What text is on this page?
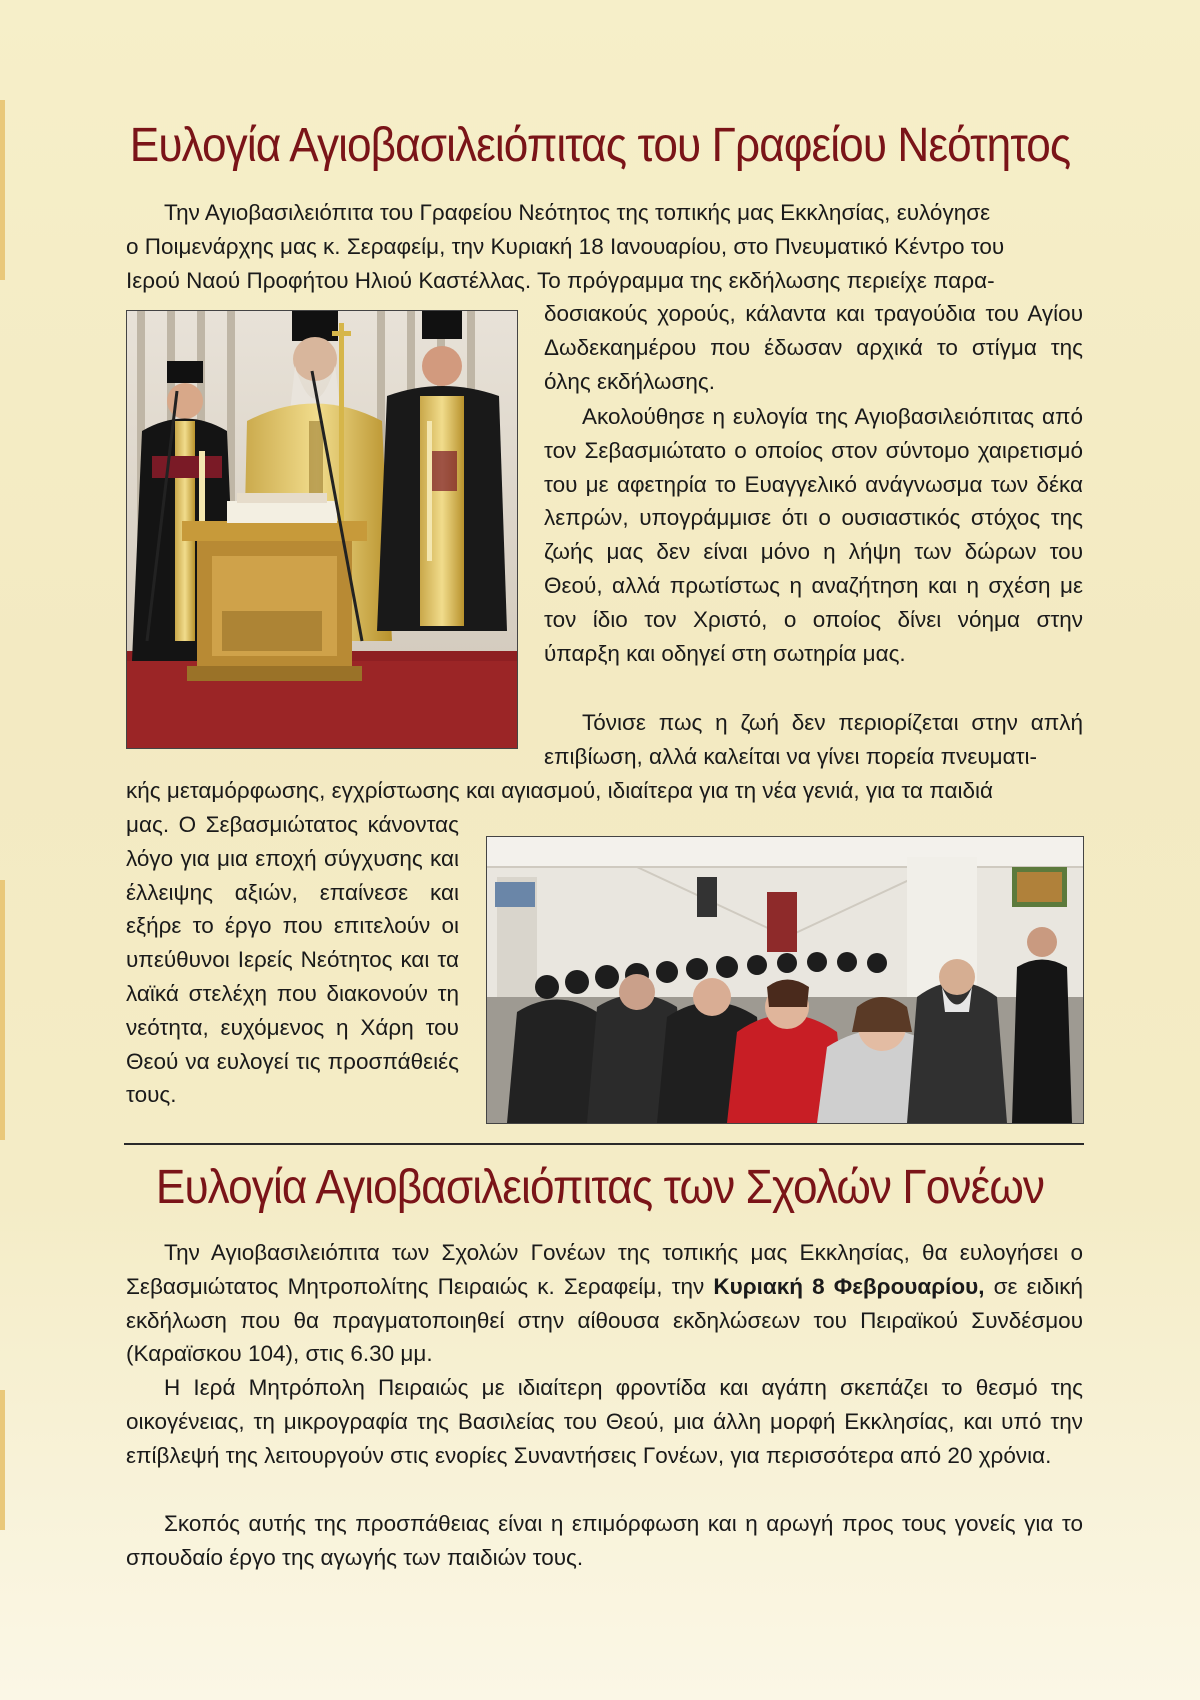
Ευλογία Αγιοβασιλειόπιτας του Γραφείου Νεότητος

Την Αγιοβασιλειόπιτα του Γραφείου Νεότητος της τοπικής μας Εκκλησίας, ευλόγησε
ο Ποιμενάρχης μας κ. Σεραφείμ, την Κυριακή 18 Ιανουαρίου, στο Πνευματικό Κέντρο του
Ιερού Ναού Προφήτου Ηλιού Καστέλλας. Το πρόγραμμα της εκδήλωσης περιείχε παρα-

δοσιακούς χορούς, κάλαντα και τραγούδια του Αγίου Δωδεκαημέρου που έδωσαν αρχικά το στίγμα της όλης εκδήλωσης.
Ακολούθησε η ευλογία της Αγιοβασιλειόπιτας από τον Σεβασμιώτατο ο οποίος στον σύντομο χαιρετισμό του με αφετηρία το Ευαγγελικό ανάγνωσμα των δέκα λεπρών, υπογράμμισε ότι ο ουσιαστικός στόχος της ζωής μας δεν είναι μόνο η λήψη των δώρων του Θεού, αλλά πρωτίστως η αναζήτηση και η σχέση με τον ίδιο τον Χριστό, ο οποίος δίνει νόημα στην ύπαρξη και οδηγεί στη σωτηρία μας.
Τόνισε πως η ζωή δεν περιορίζεται στην απλή επιβίωση, αλλά καλείται να γίνει πορεία πνευματι-
κής μεταμόρφωσης, εγχρίστωσης και αγιασμού, ιδιαίτερα για τη νέα γενιά, για τα παιδιά
μας. Ο Σεβασμιώτατος κάνοντας λόγο για μια εποχή σύγχυσης και έλλειψης αξιών, επαίνεσε και εξήρε το έργο που επιτελούν οι υπεύθυνοι Ιερείς Νεότητος και τα λαϊκά στελέχη που διακονούν τη νεότητα, ευχόμενος η Χάρη του Θεού να ευλογεί τις προσπάθειές τους.
Ευλογία Αγιοβασιλειόπιτας των Σχολών Γονέων
Την Αγιοβασιλειόπιτα των Σχολών Γονέων της τοπικής μας Εκκλησίας, θα ευλογήσει ο Σεβασμιώτατος Μητροπολίτης Πειραιώς κ. Σεραφείμ, την Κυριακή 8 Φεβρουαρίου, σε ειδική εκδήλωση που θα πραγματοποιηθεί στην αίθουσα εκδηλώσεων του Πειραϊκού Συνδέσμου (Καραϊσκου 104), στις 6.30 μμ.
Η Ιερά Μητρόπολη Πειραιώς με ιδιαίτερη φροντίδα και αγάπη σκεπάζει το θεσμό της οικογένειας, τη μικρογραφία της Βασιλείας του Θεού, μια άλλη μορφή Εκκλησίας, και υπό την επίβλεψή της λειτουργούν στις ενορίες Συναντήσεις Γονέων, για περισσότερα από 20 χρόνια.
Σκοπός αυτής της προσπάθειας είναι η επιμόρφωση και η αρωγή προς τους γονείς για το σπουδαίο έργο της αγωγής των παιδιών τους.
